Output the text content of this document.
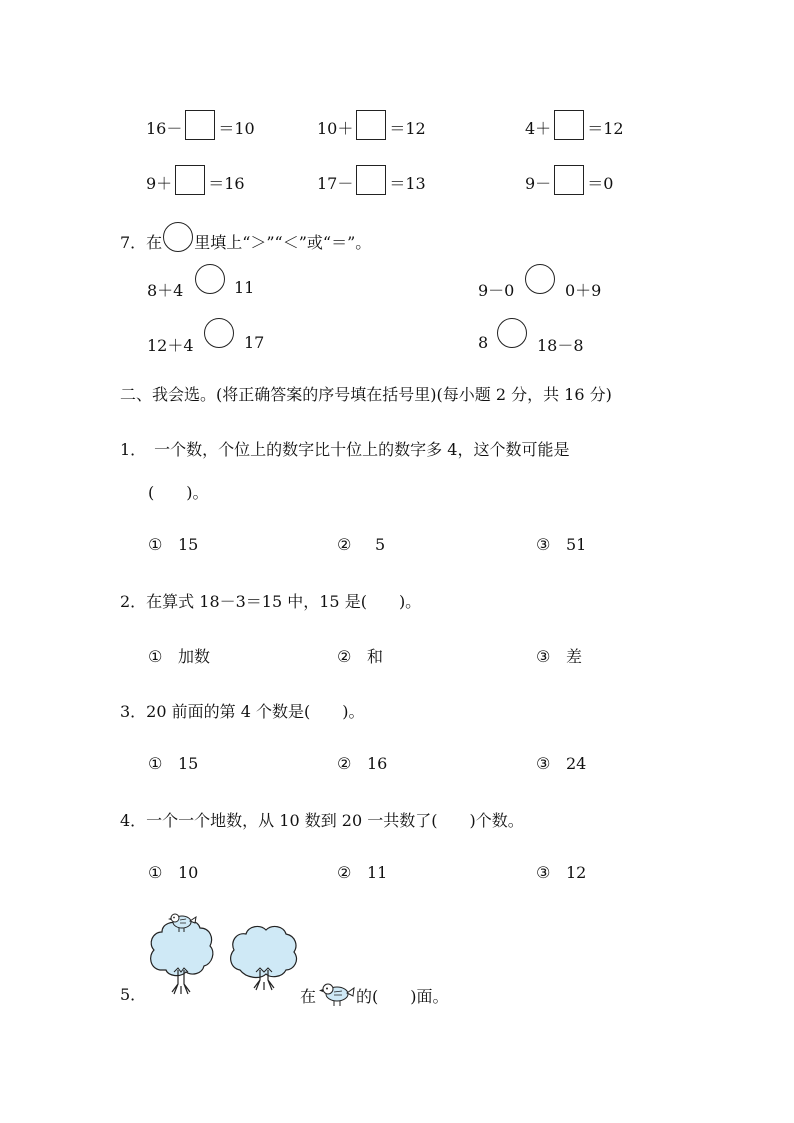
16－ ＝10	10＋ ＝12	4＋ ＝12
9＋ ＝16	17－ ＝13	9－ ＝0
7．在 里填上“＞”“＜”或“＝”。
8＋4	11	9－0	0＋9
12＋4	17	8	18－8
二、我会选。(将正确答案的序号填在括号里)(每小题 2 分，共 16 分)
1．　一个数，个位上的数字比十位上的数字多 4，这个数可能是
(　　)。
① 15	② 5	③ 51
2．在算式 18－3＝15 中，15 是(　　)。
① 加数	② 和	③ 差
3．20 前面的第 4 个数是(　　)。
① 15	② 16	③ 24
4．一个一个地数，从 10 数到 20 一共数了(　　)个数。
① 10	② 11	③ 12
5．	在	的(　　)面。
